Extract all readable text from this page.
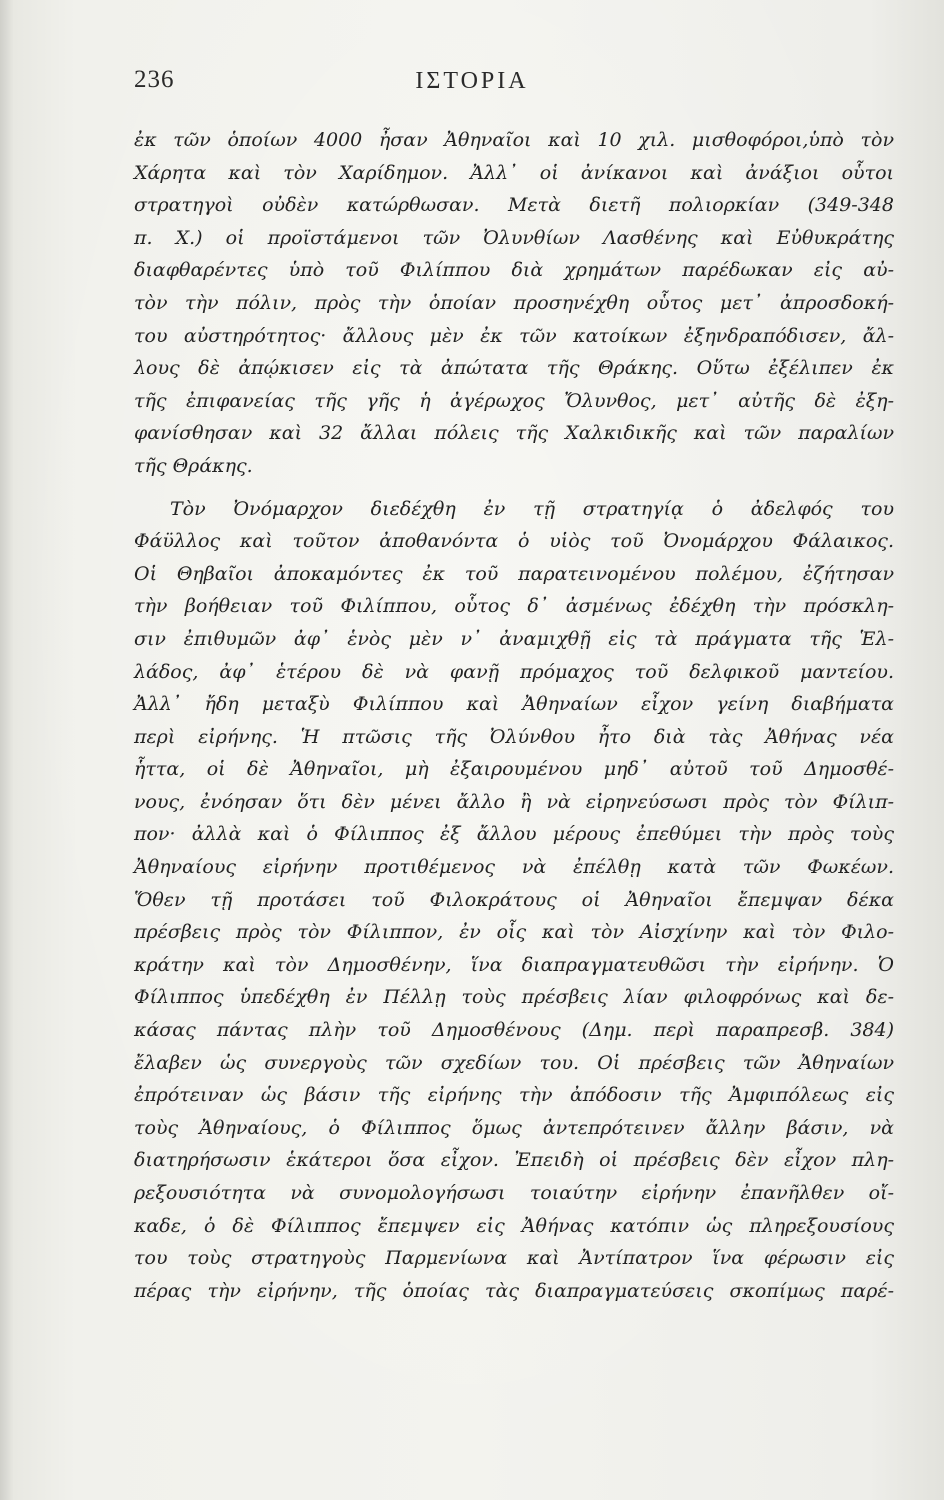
236	ΙΣΤΟΡΙΑ
ἐκ τῶν ὁποίων 4000 ἦσαν Ἀθηναῖοι καὶ 10 χιλ. μισθοφόροι,ὑπὸ τὸν
Χάρητα καὶ τὸν Χαρίδημον. Ἀλλ᾽ οἱ ἀνίκανοι καὶ ἀνάξιοι οὗτοι
στρατηγοὶ οὐδὲν κατώρθωσαν. Μετὰ διετῆ πολιορκίαν (349-348
π. Χ.) οἱ προϊστάμενοι τῶν Ὀλυνθίων Λασθένης καὶ Εὐθυκράτης
διαφθαρέντες ὑπὸ τοῦ Φιλίππου διὰ χρημάτων παρέδωκαν εἰς αὐ-
τὸν τὴν πόλιν, πρὸς τὴν ὁποίαν προσηνέχθη οὗτος μετ᾽ ἀπροσδοκή-
του αὐστηρότητος· ἄλλους μὲν ἐκ τῶν κατοίκων ἐξηνδραπόδισεν, ἄλ-
λους δὲ ἀπῴκισεν εἰς τὰ ἀπώτατα τῆς Θράκης. Οὕτω ἐξέλιπεν ἐκ
τῆς ἐπιφανείας τῆς γῆς ἡ ἀγέρωχος Ὄλυνθος, μετ᾽ αὐτῆς δὲ ἐξη-
φανίσθησαν καὶ 32 ἄλλαι πόλεις τῆς Χαλκιδικῆς καὶ τῶν παραλίων
τῆς Θράκης.
Τὸν Ὀνόμαρχον διεδέχθη ἐν τῇ στρατηγίᾳ ὁ ἀδελφός του
Φάϋλλος καὶ τοῦτον ἀποθανόντα ὁ υἱὸς τοῦ Ὀνομάρχου Φάλαικος.
Οἱ Θηβαῖοι ἀποκαμόντες ἐκ τοῦ παρατεινομένου πολέμου, ἐζήτησαν
τὴν βοήθειαν τοῦ Φιλίππου, οὗτος δ᾽ ἀσμένως ἐδέχθη τὴν πρόσκλη-
σιν ἐπιθυμῶν ἀφ᾽ ἑνὸς μὲν ν᾽ ἀναμιχθῇ εἰς τὰ πράγματα τῆς Ἑλ-
λάδος, ἀφ᾽ ἑτέρου δὲ νὰ φανῇ πρόμαχος τοῦ δελφικοῦ μαντείου.
Ἀλλ᾽ ἤδη μεταξὺ Φιλίππου καὶ Ἀθηναίων εἶχον γείνη διαβήματα
περὶ εἰρήνης. Ἡ πτῶσις τῆς Ὀλύνθου ἦτο διὰ τὰς Ἀθήνας νέα
ἧττα, οἱ δὲ Ἀθηναῖοι, μὴ ἐξαιρουμένου μηδ᾽ αὐτοῦ τοῦ Δημοσθέ-
νους, ἐνόησαν ὅτι δὲν μένει ἄλλο ἢ νὰ εἰρηνεύσωσι πρὸς τὸν Φίλιπ-
πον· ἀλλὰ καὶ ὁ Φίλιππος ἐξ ἄλλου μέρους ἐπεθύμει τὴν πρὸς τοὺς
Ἀθηναίους εἰρήνην προτιθέμενος νὰ ἐπέλθῃ κατὰ τῶν Φωκέων.
Ὅθεν τῇ προτάσει τοῦ Φιλοκράτους οἱ Ἀθηναῖοι ἔπεμψαν δέκα
πρέσβεις πρὸς τὸν Φίλιππον, ἐν οἷς καὶ τὸν Αἰσχίνην καὶ τὸν Φιλο-
κράτην καὶ τὸν Δημοσθένην, ἵνα διαπραγματευθῶσι τὴν εἰρήνην. Ὁ
Φίλιππος ὑπεδέχθη ἐν Πέλλῃ τοὺς πρέσβεις λίαν φιλοφρόνως καὶ δε-
κάσας πάντας πλὴν τοῦ Δημοσθένους (Δημ. περὶ παραπρεσβ. 384)
ἔλαβεν ὡς συνεργοὺς τῶν σχεδίων του. Οἱ πρέσβεις τῶν Ἀθηναίων
ἐπρότειναν ὡς βάσιν τῆς εἰρήνης τὴν ἀπόδοσιν τῆς Ἀμφιπόλεως εἰς
τοὺς Ἀθηναίους, ὁ Φίλιππος ὅμως ἀντεπρότεινεν ἄλλην βάσιν, νὰ
διατηρήσωσιν ἑκάτεροι ὅσα εἶχον. Ἐπειδὴ οἱ πρέσβεις δὲν εἶχον πλη-
ρεξουσιότητα νὰ συνομολογήσωσι τοιαύτην εἰρήνην ἐπανῆλθεν οἴ-
καδε, ὁ δὲ Φίλιππος ἔπεμψεν εἰς Ἀθήνας κατόπιν ὡς πληρεξουσίους
του τοὺς στρατηγοὺς Παρμενίωνα καὶ Ἀντίπατρον ἵνα φέρωσιν εἰς
πέρας τὴν εἰρήνην, τῆς ὁποίας τὰς διαπραγματεύσεις σκοπίμως παρέ-
